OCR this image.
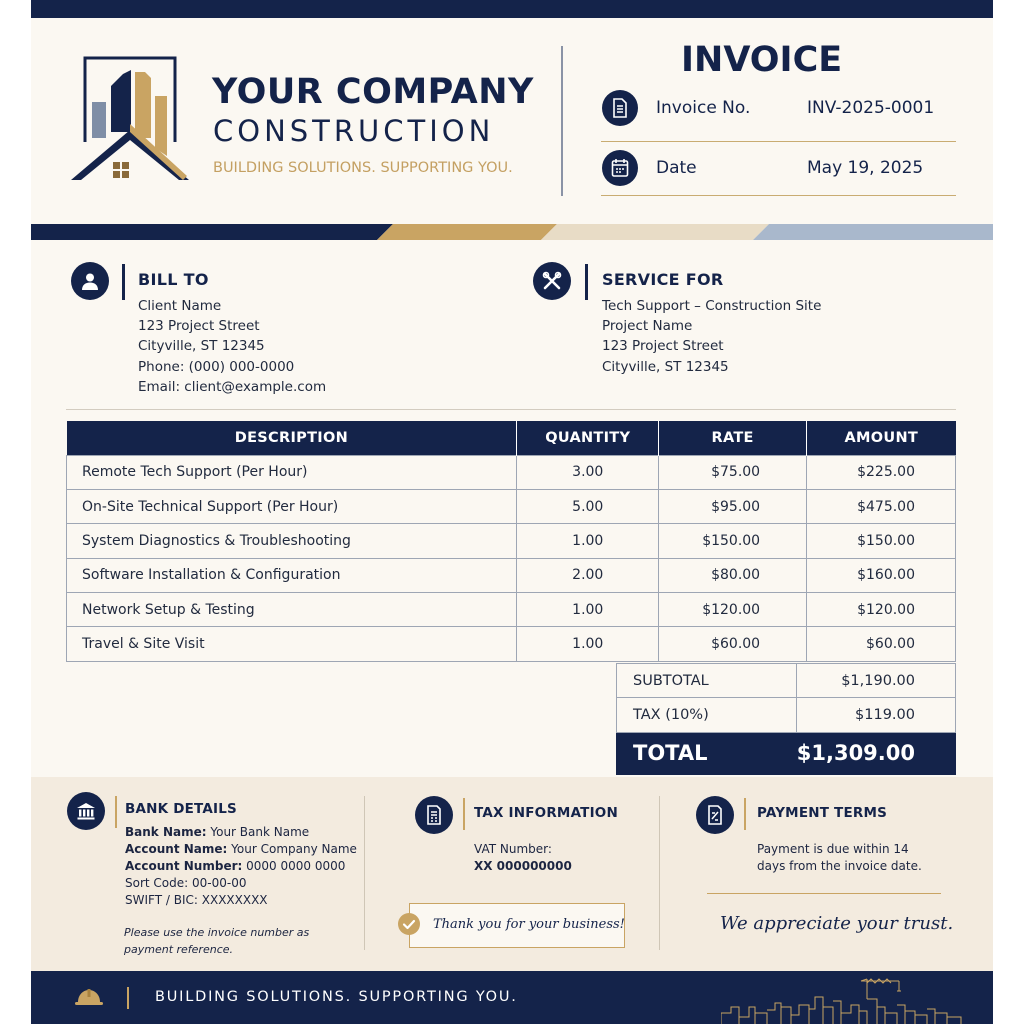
YOUR COMPANY
CONSTRUCTION
BUILDING SOLUTIONS. SUPPORTING YOU.
INVOICE
Invoice No.	INV-2025-0001
Date	May 19, 2025
BILL TO
Client Name
123 Project Street
Cityville, ST 12345
Phone: (000) 000-0000
Email: client@example.com
SERVICE FOR
Tech Support – Construction Site
Project Name
123 Project Street
Cityville, ST 12345
DESCRIPTION	QUANTITY	RATE	AMOUNT
Remote Tech Support (Per Hour)	3.00	$75.00	$225.00
On-Site Technical Support (Per Hour)	5.00	$95.00	$475.00
System Diagnostics & Troubleshooting	1.00	$150.00	$150.00
Software Installation & Configuration	2.00	$80.00	$160.00
Network Setup & Testing	1.00	$120.00	$120.00
Travel & Site Visit	1.00	$60.00	$60.00
SUBTOTAL	$1,190.00
TAX (10%)	$119.00
TOTAL	$1,309.00
BANK DETAILS
Bank Name: Your Bank Name
Account Name: Your Company Name
Account Number: 0000 0000 0000
Sort Code: 00-00-00
SWIFT / BIC: XXXXXXXX
Please use the invoice number as payment reference.
TAX INFORMATION
VAT Number:
XX 000000000
Thank you for your business!
PAYMENT TERMS
Payment is due within 14 days from the invoice date.
We appreciate your trust.
BUILDING SOLUTIONS. SUPPORTING YOU.
